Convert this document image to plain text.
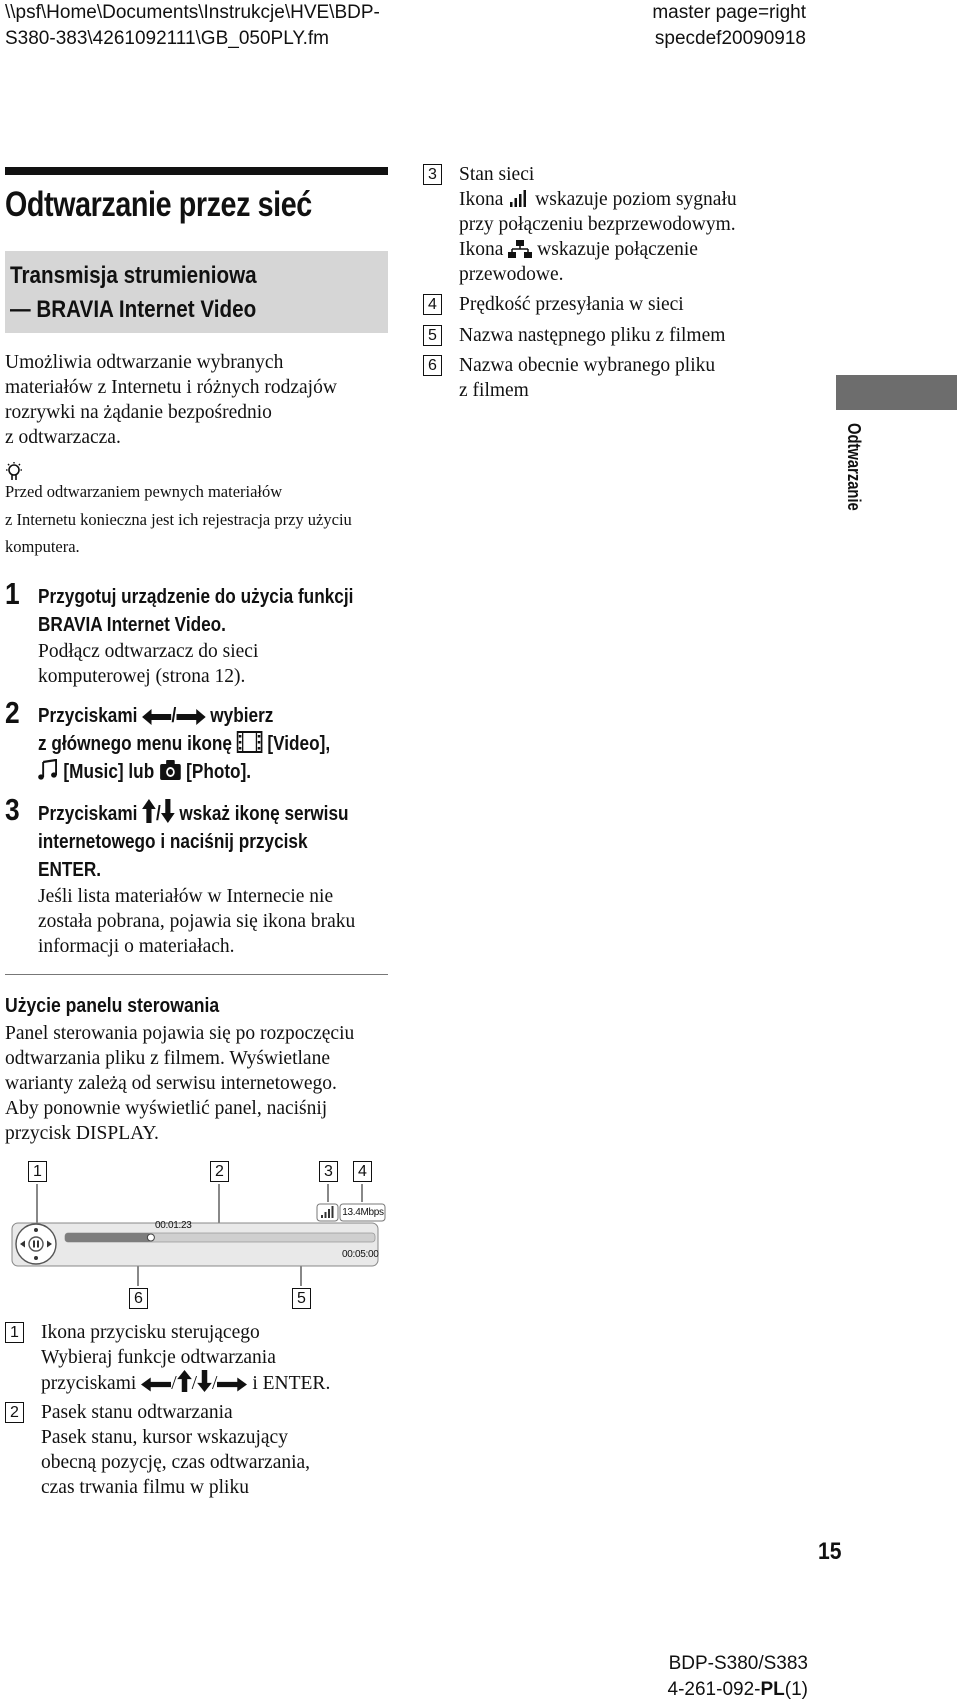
\\psf\Home\Documents\Instrukcje\HVE\BDP-
S380-383\4261092111\GB_050PLY.fm
master page=right
specdef20090918
Odtwarzanie przez sieć
Transmisja strumieniowa
— BRAVIA Internet Video
Umożliwia odtwarzanie wybranych
materiałów z Internetu i różnych rodzajów
rozrywki na żądanie bezpośrednio
z odtwarzacza.
Przed odtwarzaniem pewnych materiałów
z Internetu konieczna jest ich rejestracja przy użyciu
komputera.
1 Przygotuj urządzenie do użycia funkcji
BRAVIA Internet Video.
Podłącz odtwarzacz do sieci
komputerowej (strona 12).
2 Przyciskami / wybierz
z głównego menu ikonę [Video],
[Music] lub [Photo].
3 Przyciskami / wskaż ikonę serwisu
internetowego i naciśnij przycisk
ENTER.
Jeśli lista materiałów w Internecie nie
została pobrana, pojawia się ikona braku
informacji o materiałach.
Użycie panelu sterowania
Panel sterowania pojawia się po rozpoczęciu
odtwarzania pliku z filmem. Wyświetlane
warianty zależą od serwisu internetowego.
Aby ponownie wyświetlić panel, naciśnij
przycisk DISPLAY.
1	2	3	4
6	5
13.4Mbps
00:01:23
00:05:00
1 Ikona przycisku sterującego
Wybieraj funkcje odtwarzania
przyciskami / / / i ENTER.
2 Pasek stanu odtwarzania
Pasek stanu, kursor wskazujący
obecną pozycję, czas odtwarzania,
czas trwania filmu w pliku
3 Stan sieci
Ikona wskazuje poziom sygnału
przy połączeniu bezprzewodowym.
Ikona wskazuje połączenie
przewodowe.
4 Prędkość przesyłania w sieci
5 Nazwa następnego pliku z filmem
6 Nazwa obecnie wybranego pliku
z filmem
Odtwarzanie
15
BDP-S380/S383
4-261-092-PL(1)
